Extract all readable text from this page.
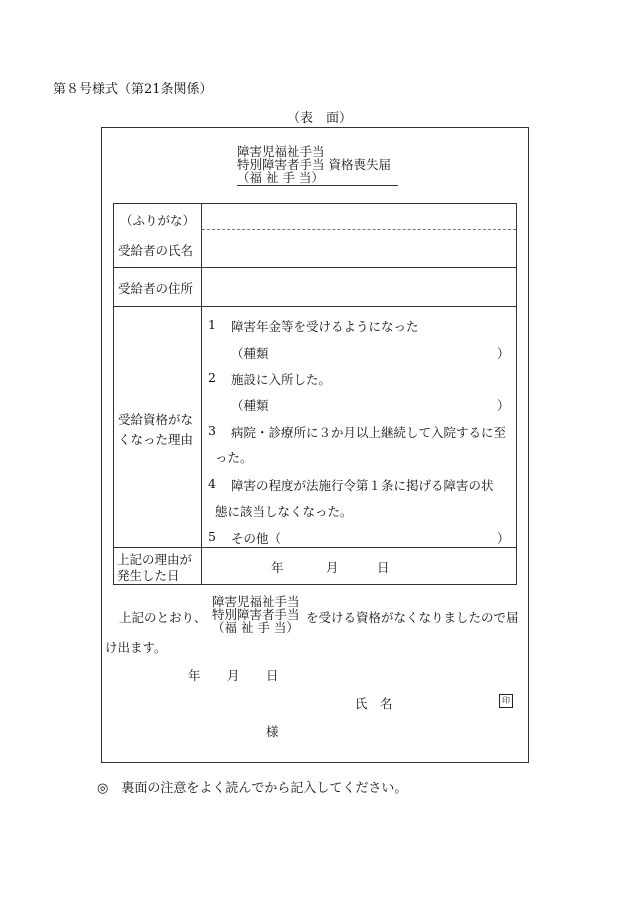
第８号様式（第21条関係）
（表　面）
障害児福祉手当
特別障害者手当 資格喪失届
（福 祉 手 当）
（ふりがな）
受給者の氏名
受給者の住所
受給資格がな
くなった理由
1 障害年金等を受けるようになった
（種類	）
2 施設に入所した。
（種類	）
3 病院・診療所に３か月以上継続して入院するに至
った。
4 障害の程度が法施行令第１条に掲げる障害の状
態に該当しなくなった。
5 その他（	）
上記の理由が
発生した日
年	月	日
障害児福祉手当
特別障害者手当
（福 祉 手 当）
上記のとおり、	を受ける資格がなくなりましたので届
け出ます。
年 月 日
氏　名	印
様
◎　裏面の注意をよく読んでから記入してください。
